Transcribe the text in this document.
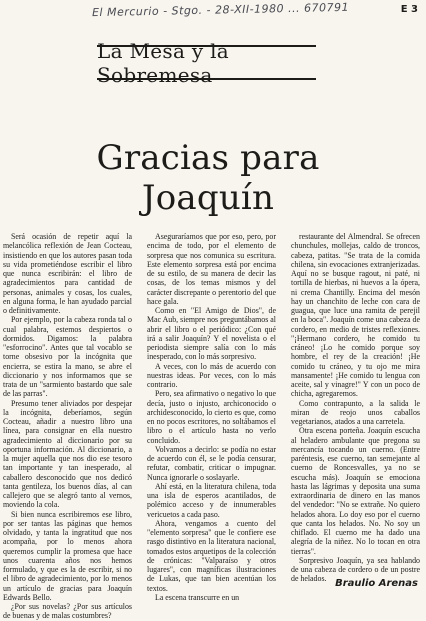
El Mercurio - Stgo. - 28-XII-1980 ... 670791	E 3
La Mesa y la Sobremesa
Gracias para Joaquín

Será ocasión de repetir aquí la melancólica reflexión de Jean Cocteau, insistiendo en que los autores pasan toda su vida prometiéndose escribir el libro que nunca escribirán: el libro de agradecimientos para cantidad de personas, animales y cosas, los cuales, en alguna forma, le han ayudado parcial o definitivamente.

Por ejemplo, por la cabeza ronda tal o cual palabra, estemos despiertos o dormidos. Digamos: la palabra "esforrocino". Antes que tal vocablo se torne obsesivo por la incógnita que encierra, se estira la mano, se abre el diccionario y nos informamos que se trata de un "sarmiento bastardo que sale de las parras".

Presumo tener aliviados por despejar la incógnita, deberíamos, según Cocteau, añadir a nuestro libro una línea, para consignar en ella nuestro agradecimiento al diccionario por su oportuna información. Al diccionario, a la mujer aquella que nos dio ese tesoro tan importante y tan inesperado, al caballero desconocido que nos dedicó tanta gentileza, los buenos días, al can callejero que se alegró tanto al vernos, moviendo la cola.

Si bien nunca escribiremos ese libro, por ser tantas las páginas que hemos olvidado, y tanta la ingratitud que nos acompaña, por lo menos ahora queremos cumplir la promesa que hace unos cuarenta años nos hemos formulado, y que es la de escribir, si no el libro de agradecimiento, por lo menos un artículo de gracias para Joaquín Edwards Bello.

¿Por sus novelas? ¿Por sus artículos de buenas y de malas costumbres?

Aseguraríamos que por eso, pero, por encima de todo, por el elemento de sorpresa que nos comunica su escritura. Este elemento sorpresa está por encima de su estilo, de su manera de decir las cosas, de los temas mismos y del carácter discrepante o perentorio del que hace gala.

Como en "El Amigo de Dios", de Mac Aub, siempre nos preguntábamos al abrir el libro o el periódico: ¿Con qué irá a salir Joaquín? Y el novelista o el periodista siempre salía con lo más inesperado, con lo más sorpresivo.

A veces, con lo más de acuerdo con nuestras ideas. Por veces, con lo más contrario.

Pero, sea afirmativo o negativo lo que decía, justo o injusto, archiconocido o archidesconocido, lo cierto es que, como en no pocos escritores, no soltábamos el libro o el artículo hasta no verlo concluido.

Volvamos a decirlo: se podía no estar de acuerdo con él, se le podía censurar, refutar, combatir, criticar o impugnar. Nunca ignorarle o soslayarle.

Ahí está, en la literatura chilena, toda una isla de esperos acantilados, de polémico acceso y de innumerables vericuetos a cada paso.

Ahora, vengamos a cuento del "elemento sorpresa" que le confiere ese rasgo distintivo en la literatura nacional, tomados estos arquetipos de la colección de crónicas: "Valparaíso y otros lugares", con magníficas ilustraciones de Lukas, que tan bien acentúan los textos.

La escena transcurre en un

restaurante del Almendral. Se ofrecen chunchules, mollejas, caldo de troncos, cabeza, patitas. "Se trata de la comida chilena, sin evocaciones extranjerizadas. Aquí no se busque ragout, ni paté, ni tortilla de hierbas, ni huevos a la ópera, ni crema Chantilly. Encima del mesón hay un chanchito de leche con cara de guagua, que luce una ramita de perejil en la boca". Joaquín come una cabeza de cordero, en medio de tristes reflexiones. "¡Hermano cordero, he comido tu cráneo! ¡Lo he comido porque soy hombre, el rey de la creación! ¡He comido tu cráneo, y tu ojo me mira mansamente! ¡He comido tu lengua con aceite, sal y vinagre!" Y con un poco de chicha, agregaremos.

Como contrapunto, a la salida le miran de reojo unos caballos vegetarianos, atados a una carretela.

Otra escena porteña. Joaquín escucha al heladero ambulante que pregona su mercancía tocando un cuerno. (Entre paréntesis, ese cuerno, tan semejante al cuerno de Roncesvalles, ya no se escucha más). Joaquín se emociona hasta las lágrimas y deposita una suma extraordinaria de dinero en las manos del vendedor: "No se extrañe. No quiero helados ahora. Lo doy eso por el cuerno que canta los helados. No. No soy un chiflado. El cuerno me ha dado una alegría de la niñez. No lo tocan en otra tierras".

Sorpresivo Joaquín, ya sea hablando de una cabeza de cordero o de un postre de helados. Braulio Arenas
